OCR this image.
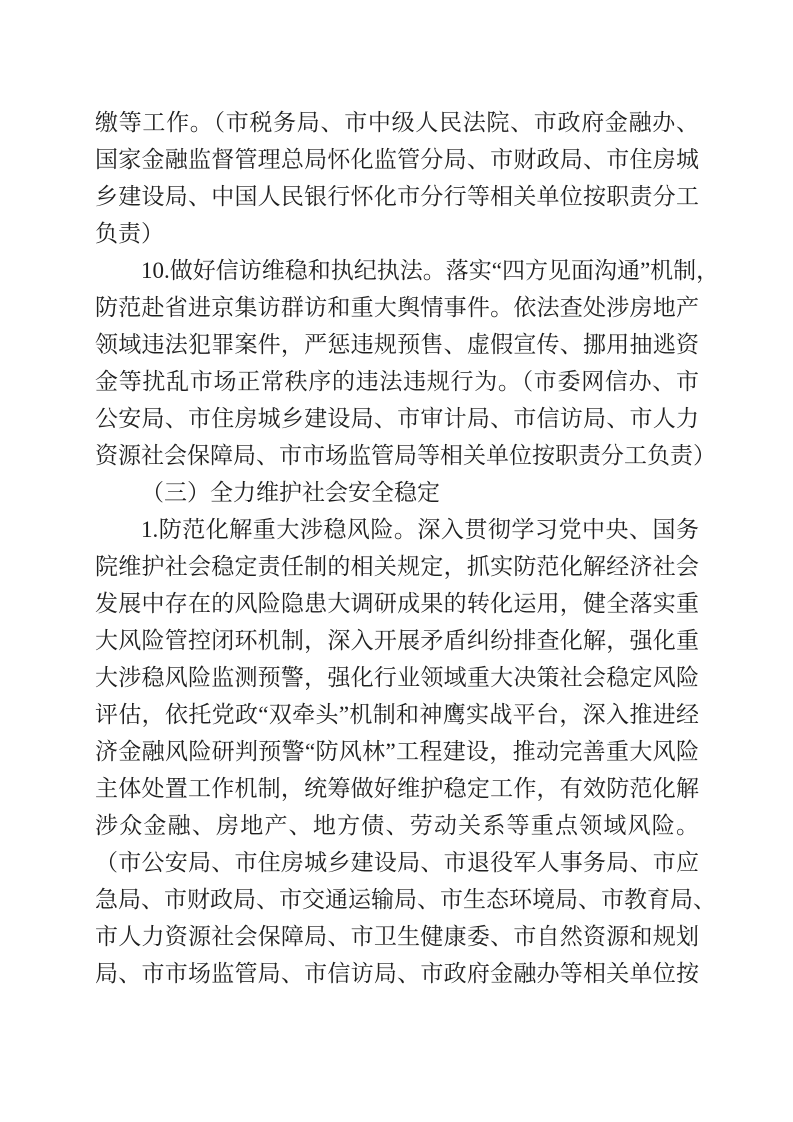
缴等工作。（市税务局、市中级人民法院、市政府金融办、
国家金融监督管理总局怀化监管分局、市财政局、市住房城
乡建设局、中国人民银行怀化市分行等相关单位按职责分工
负责）
10.做好信访维稳和执纪执法。落实“四方见面沟通”机制，
防范赴省进京集访群访和重大舆情事件。依法查处涉房地产
领域违法犯罪案件，严惩违规预售、虚假宣传、挪用抽逃资
金等扰乱市场正常秩序的违法违规行为。（市委网信办、市
公安局、市住房城乡建设局、市审计局、市信访局、市人力
资源社会保障局、市市场监管局等相关单位按职责分工负责）
（三）全力维护社会安全稳定
1.防范化解重大涉稳风险。深入贯彻学习党中央、国务
院维护社会稳定责任制的相关规定，抓实防范化解经济社会
发展中存在的风险隐患大调研成果的转化运用，健全落实重
大风险管控闭环机制，深入开展矛盾纠纷排查化解，强化重
大涉稳风险监测预警，强化行业领域重大决策社会稳定风险
评估，依托党政“双牵头”机制和神鹰实战平台，深入推进经
济金融风险研判预警“防风林”工程建设，推动完善重大风险
主体处置工作机制，统筹做好维护稳定工作，有效防范化解
涉众金融、房地产、地方债、劳动关系等重点领域风险。
（市公安局、市住房城乡建设局、市退役军人事务局、市应
急局、市财政局、市交通运输局、市生态环境局、市教育局、
市人力资源社会保障局、市卫生健康委、市自然资源和规划
局、市市场监管局、市信访局、市政府金融办等相关单位按
